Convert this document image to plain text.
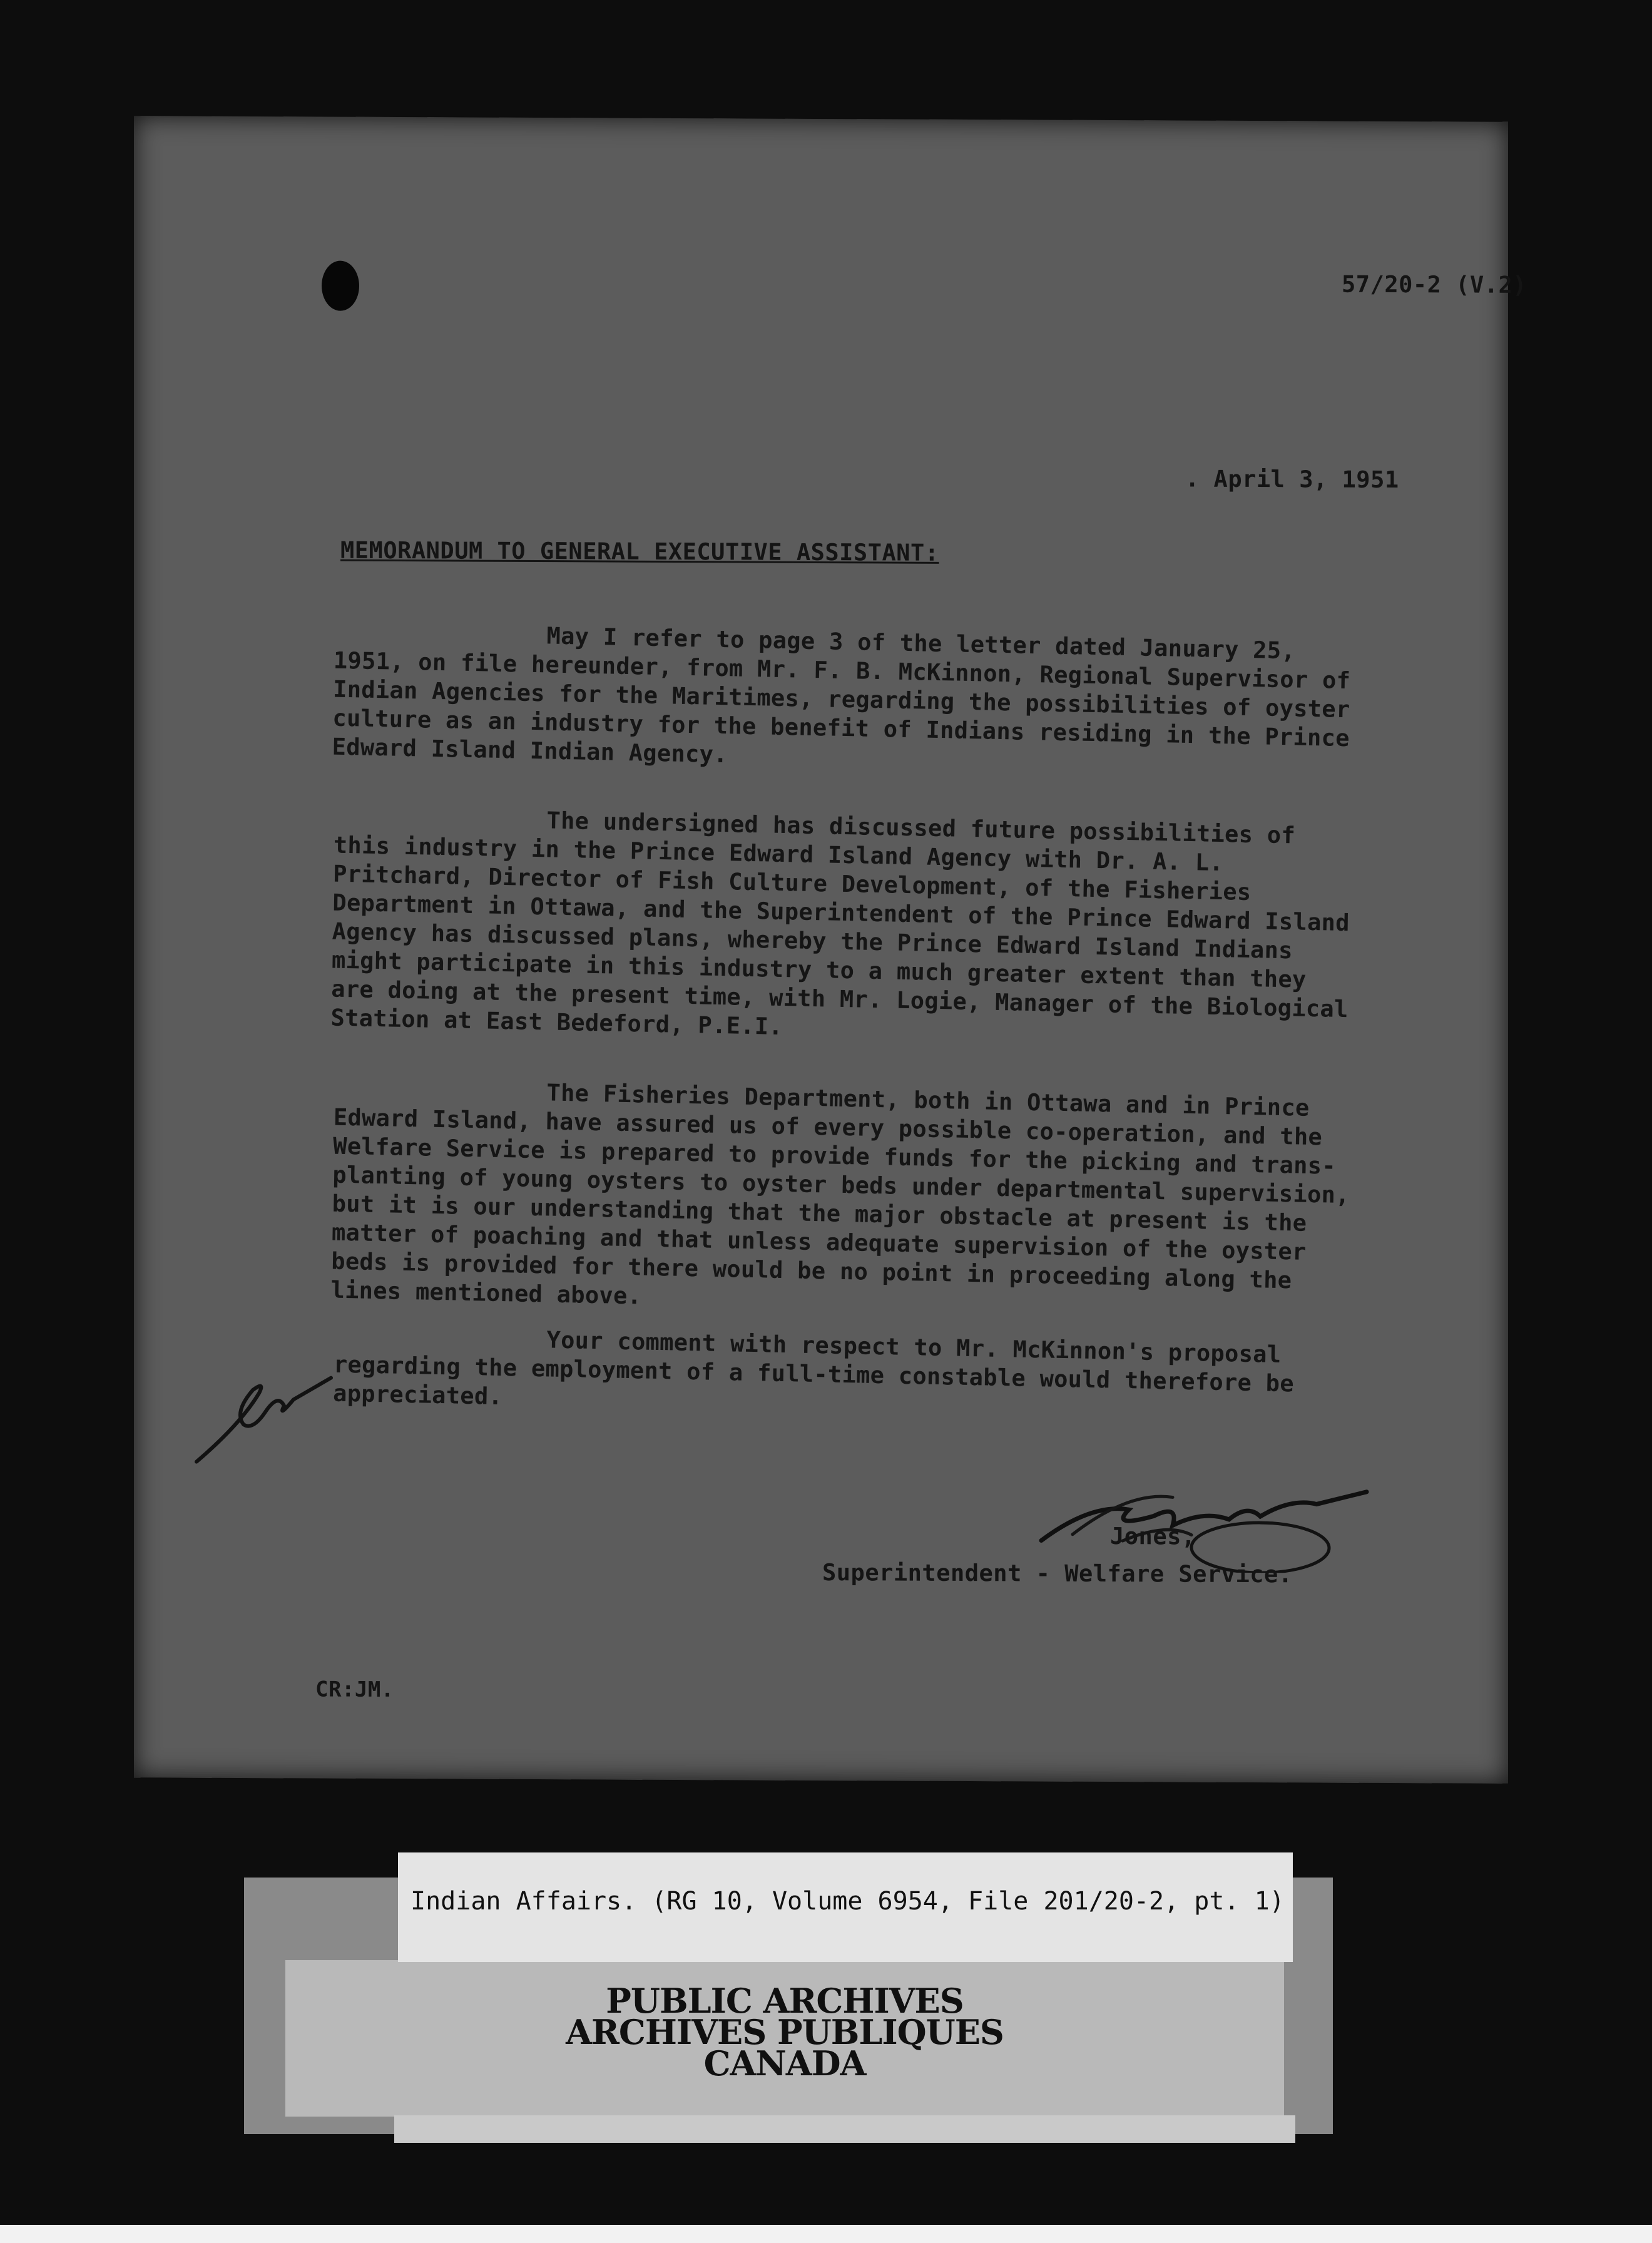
57/20-2 (V.2)
. April 3, 1951
MEMORANDUM TO GENERAL EXECUTIVE ASSISTANT:

May I refer to page 3 of the letter dated January 25, 1951, on file hereunder, from Mr. F. B. McKinnon, Regional Supervisor of Indian Agencies for the Maritimes, regarding the possibilities of oyster culture as an industry for the benefit of Indians residing in the Prince Edward Island Indian Agency.

The undersigned has discussed future possibilities of this industry in the Prince Edward Island Agency with Dr. A. L. Pritchard, Director of Fish Culture Development, of the Fisheries Department in Ottawa, and the Superintendent of the Prince Edward Island Agency has discussed plans, whereby the Prince Edward Island Indians might participate in this industry to a much greater extent than they are doing at the present time, with Mr. Logie, Manager of the Biological Station at East Bedeford, P.E.I.

The Fisheries Department, both in Ottawa and in Prince Edward Island, have assured us of every possible co-operation, and the Welfare Service is prepared to provide funds for the picking and trans-planting of young oysters to oyster beds under departmental supervision, but it is our understanding that the major obstacle at present is the matter of poaching and that unless adequate supervision of the oyster beds is provided for there would be no point in proceeding along the lines mentioned above.

Your comment with respect to Mr. McKinnon's proposal regarding the employment of a full-time constable would therefore be appreciated.

Jones,
Superintendent - Welfare Service.
CR:JM.
Indian Affairs. (RG 10, Volume 6954, File 201/20-2, pt. 1)
PUBLIC ARCHIVES
ARCHIVES PUBLIQUES
CANADA
